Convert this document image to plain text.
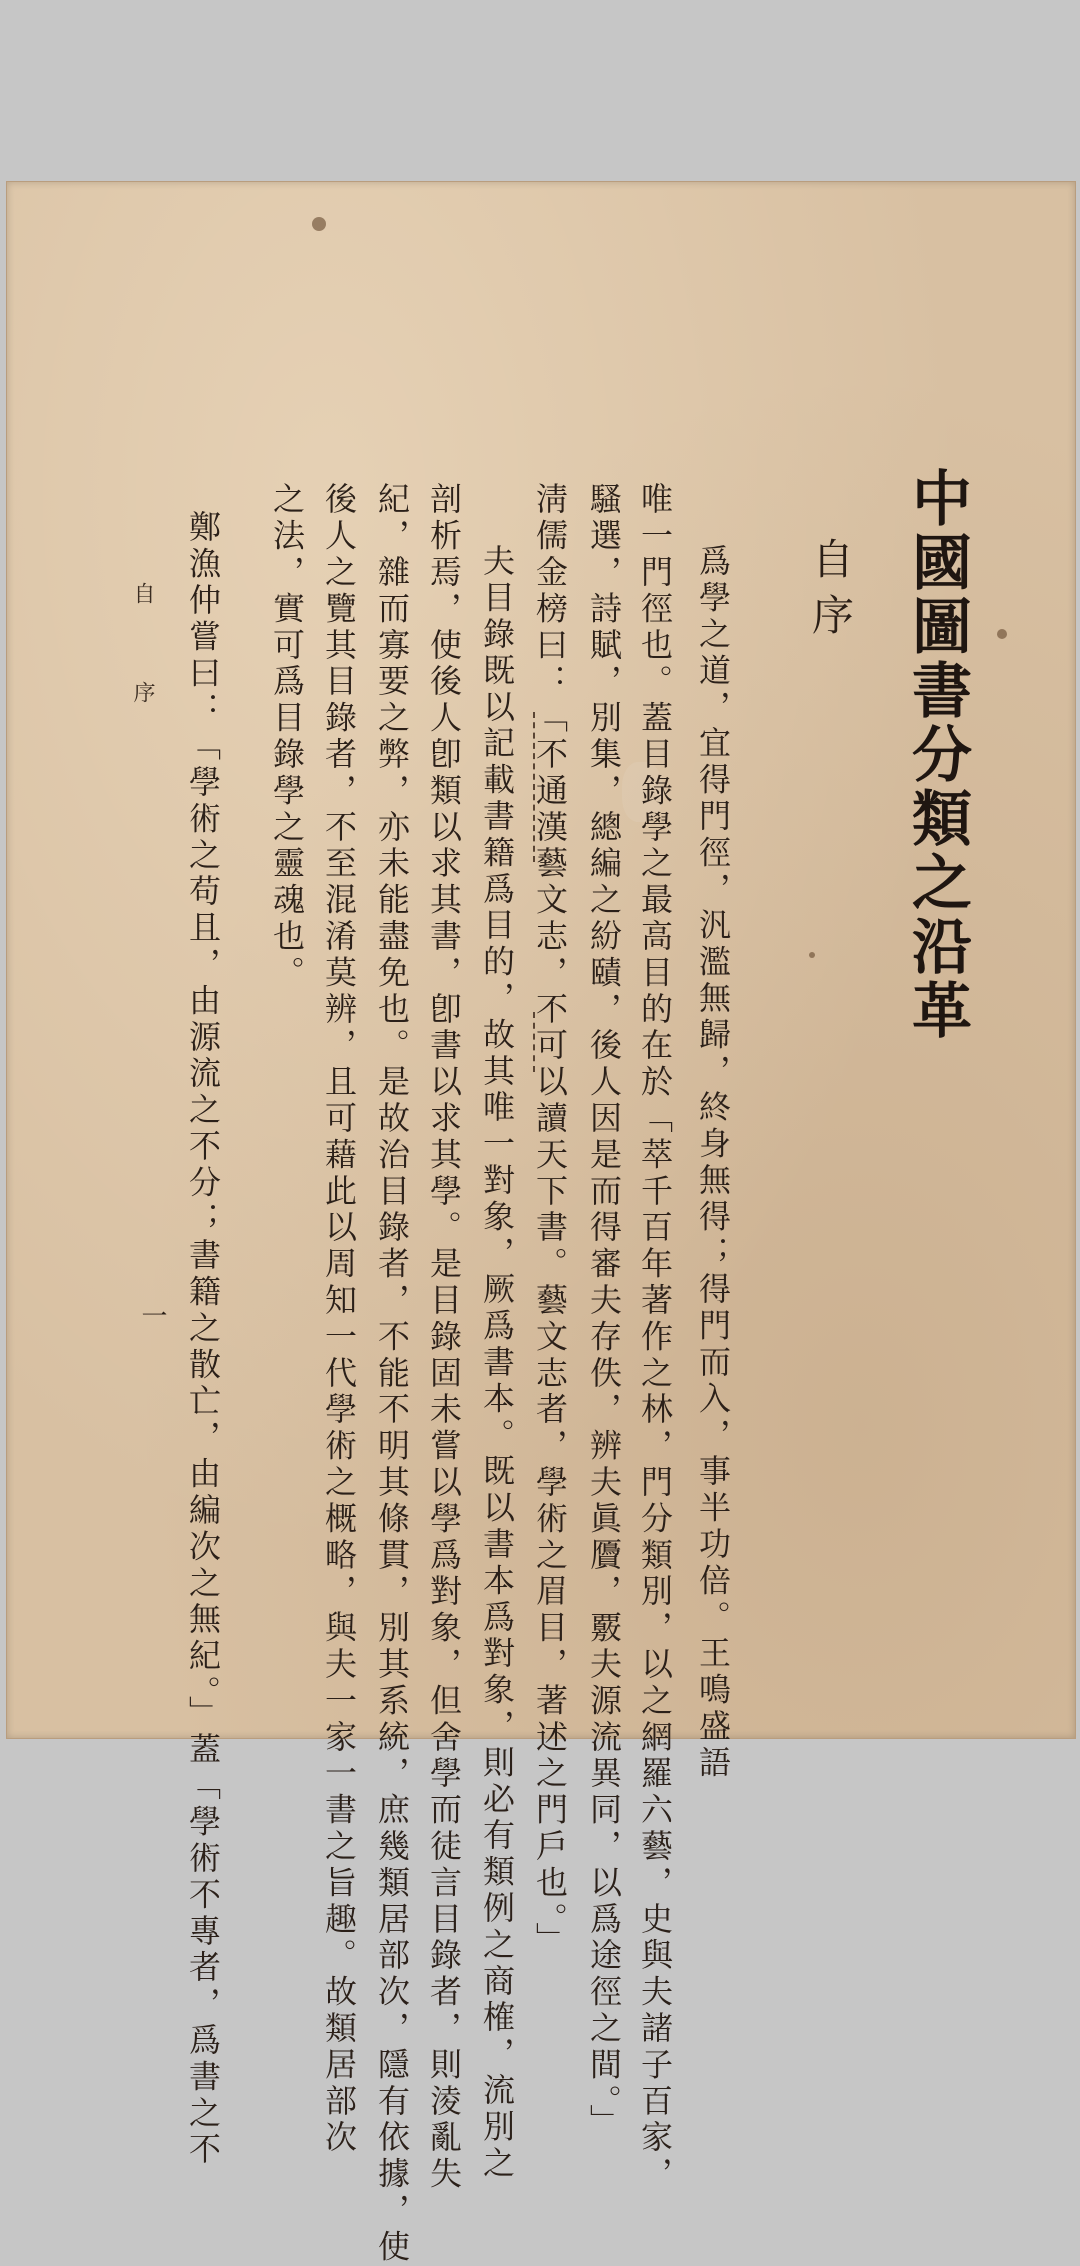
中國圖書分類之沿革
自序
爲學之道，宜得門徑，汎濫無歸，終身無得；得門而入，事半功倍。王鳴盛語
唯一門徑也。蓋目錄學之最高目的在於「萃千百年著作之林，門分類別，以之網羅六藝，史與夫諸子百家，
騷選，詩賦，別集，總編之紛賾，後人因是而得審夫存佚，辨夫眞贗，覈夫源流異同，以爲途徑之間。」
淸儒金榜曰：「不通漢藝文志，不可以讀天下書。藝文志者，學術之眉目，著述之門戶也。」
夫目錄既以記載書籍爲目的，故其唯一對象，厥爲書本。既以書本爲對象，則必有類例之商榷，流別之
剖析焉，使後人卽類以求其書，卽書以求其學。是目錄固未嘗以學爲對象，但舍學而徒言目錄者，則淩亂失
紀，雜而寡要之弊，亦未能盡免也。是故治目錄者，不能不明其條貫，別其系統，庶幾類居部次，隱有依據，使
後人之覽其目錄者，不至混淆莫辨，且可藉此以周知一代學術之概略，與夫一家一書之旨趣。故類居部次
之法，實可爲目錄學之靈魂也。
鄭漁仲嘗曰：「學術之苟且，由源流之不分；書籍之散亡，由編次之無紀。」蓋「學術不專者，爲書之不
自 序
一
